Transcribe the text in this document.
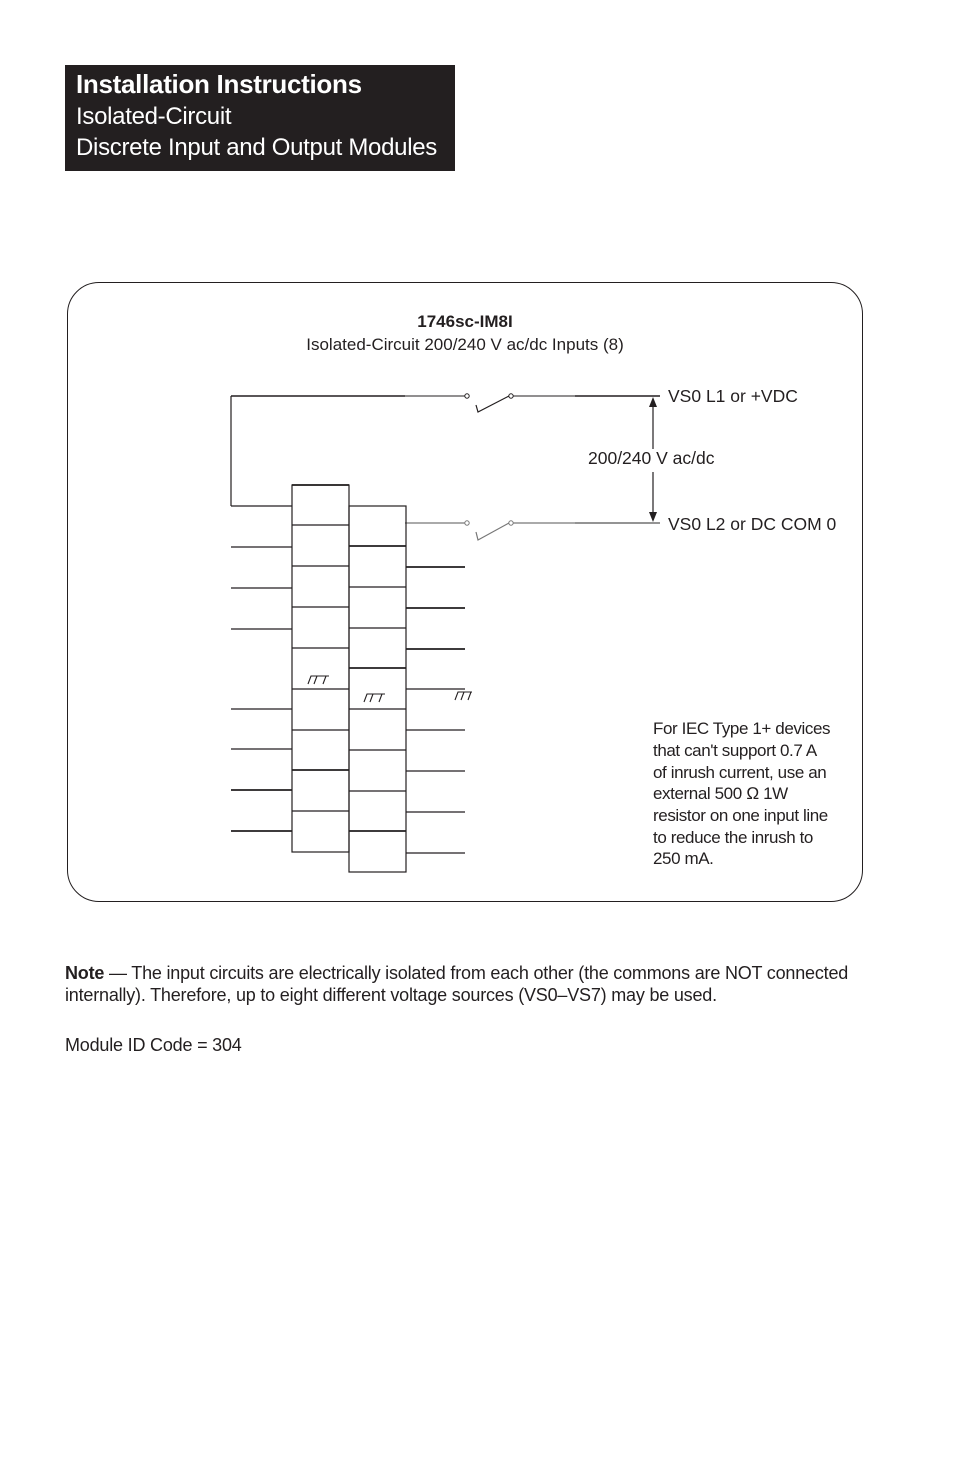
Installation Instructions
Isolated-Circuit
Discrete Input and Output Modules
1746sc-IM8I
Isolated-Circuit 200/240 V ac/dc Inputs (8)
200/240 V ac/dc
VS0 L1 or +VDC
VS0 L2 or DC COM 0
For IEC Type 1+ devices
that can't support 0.7 A
of inrush current, use an
external 500 Ω 1W
resistor on one input line
to reduce the inrush to
250 mA.
Note — The input circuits are electrically isolated from each other (the commons are NOT connected internally). Therefore, up to eight different voltage sources (VS0–VS7) may be used.
Module ID Code = 304
